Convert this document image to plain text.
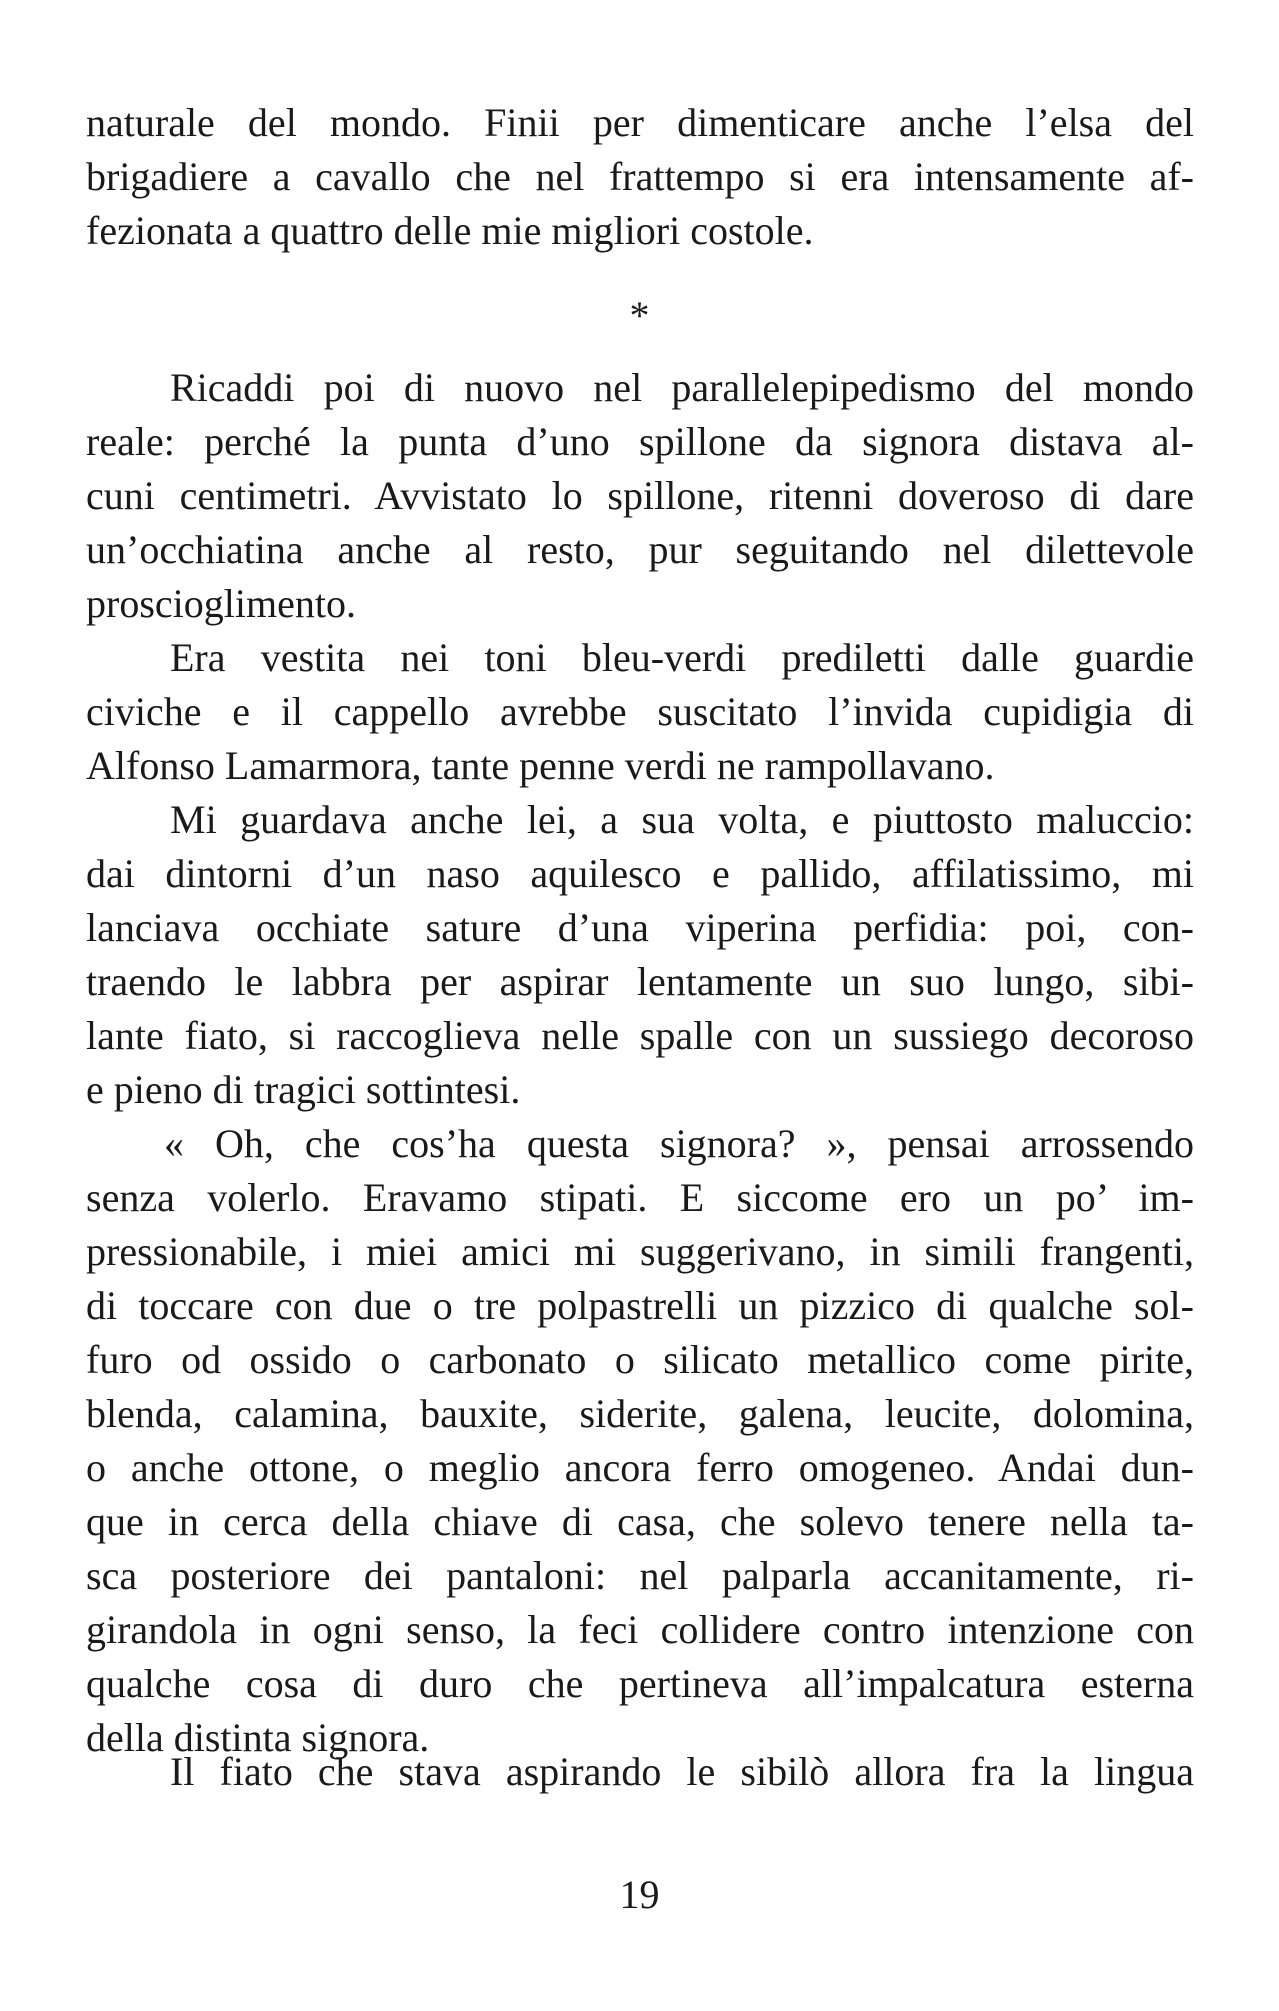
naturale del mondo. Finii per dimenticare anche l’elsa del
brigadiere a cavallo che nel frattempo si era intensamente af-
fezionata a quattro delle mie migliori costole.
*
Ricaddi poi di nuovo nel parallelepipedismo del mondo
reale: perché la punta d’uno spillone da signora distava al-
cuni centimetri. Avvistato lo spillone, ritenni doveroso di dare
un’occhiatina anche al resto, pur seguitando nel dilettevole
proscioglimento.
Era vestita nei toni bleu-verdi prediletti dalle guardie
civiche e il cappello avrebbe suscitato l’invida cupidigia di
Alfonso Lamarmora, tante penne verdi ne rampollavano.
Mi guardava anche lei, a sua volta, e piuttosto maluccio:
dai dintorni d’un naso aquilesco e pallido, affilatissimo, mi
lanciava occhiate sature d’una viperina perfidia: poi, con-
traendo le labbra per aspirar lentamente un suo lungo, sibi-
lante fiato, si raccoglieva nelle spalle con un sussiego decoroso
e pieno di tragici sottintesi.
« Oh, che cos’ha questa signora? », pensai arrossendo
senza volerlo. Eravamo stipati. E siccome ero un po’ im-
pressionabile, i miei amici mi suggerivano, in simili frangenti,
di toccare con due o tre polpastrelli un pizzico di qualche sol-
furo od ossido o carbonato o silicato metallico come pirite,
blenda, calamina, bauxite, siderite, galena, leucite, dolomina,
o anche ottone, o meglio ancora ferro omogeneo. Andai dun-
que in cerca della chiave di casa, che solevo tenere nella ta-
sca posteriore dei pantaloni: nel palparla accanitamente, ri-
girandola in ogni senso, la feci collidere contro intenzione con
qualche cosa di duro che pertineva all’impalcatura esterna
della distinta signora.
Il fiato che stava aspirando le sibilò allora fra la lingua
19
